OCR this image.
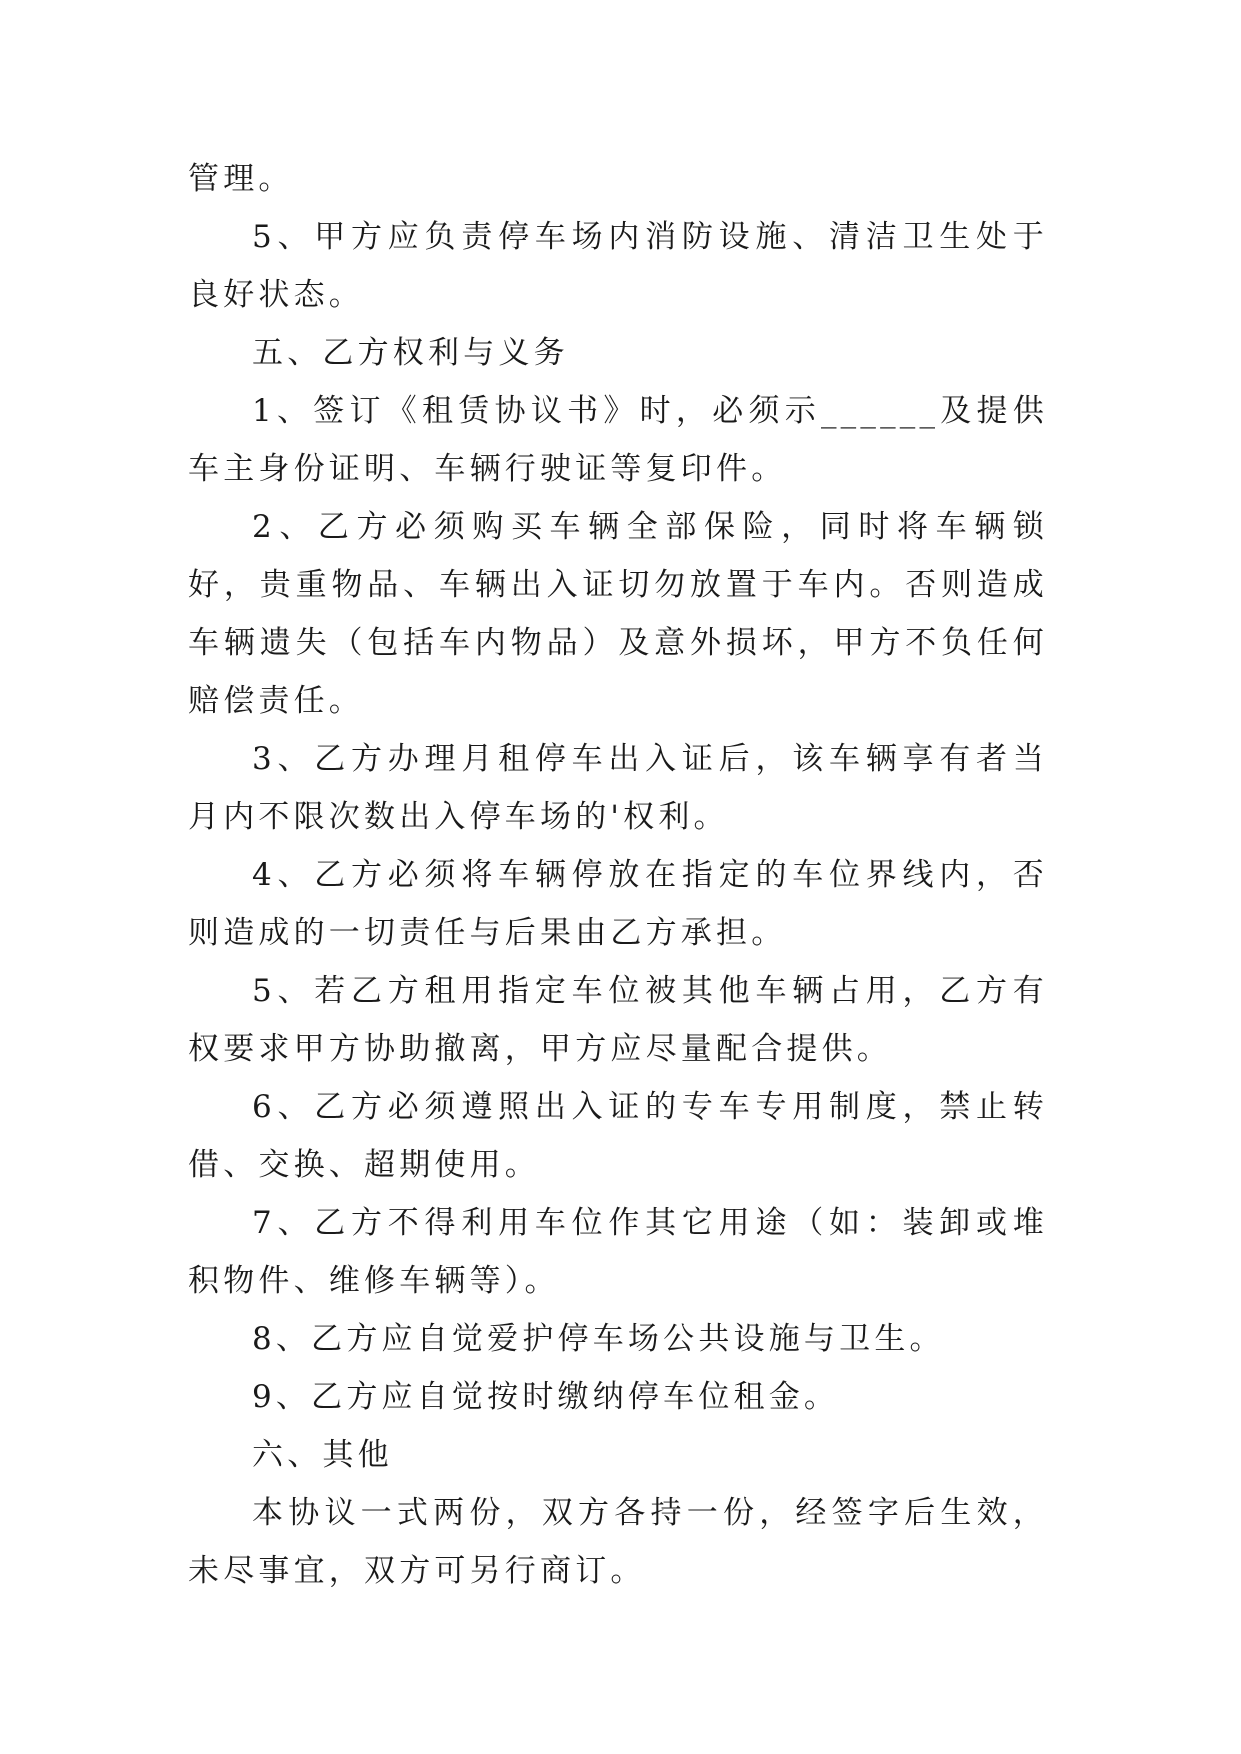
管理。

5、甲方应负责停车场内消防设施、清洁卫生处于良好状态。

五、乙方权利与义务

1、签订《租赁协议书》时，必须示______及提供车主身份证明、车辆行驶证等复印件。

2、乙方必须购买车辆全部保险，同时将车辆锁好，贵重物品、车辆出入证切勿放置于车内。否则造成车辆遗失（包括车内物品）及意外损坏，甲方不负任何赔偿责任。

3、乙方办理月租停车出入证后，该车辆享有者当月内不限次数出入停车场的'权利。

4、乙方必须将车辆停放在指定的车位界线内，否则造成的一切责任与后果由乙方承担。

5、若乙方租用指定车位被其他车辆占用，乙方有权要求甲方协助撤离，甲方应尽量配合提供。

6、乙方必须遵照出入证的专车专用制度，禁止转借、交换、超期使用。

7、乙方不得利用车位作其它用途（如：装卸或堆积物件、维修车辆等）。

8、乙方应自觉爱护停车场公共设施与卫生。

9、乙方应自觉按时缴纳停车位租金。

六、其他

本协议一式两份，双方各持一份，经签字后生效，未尽事宜，双方可另行商订。
